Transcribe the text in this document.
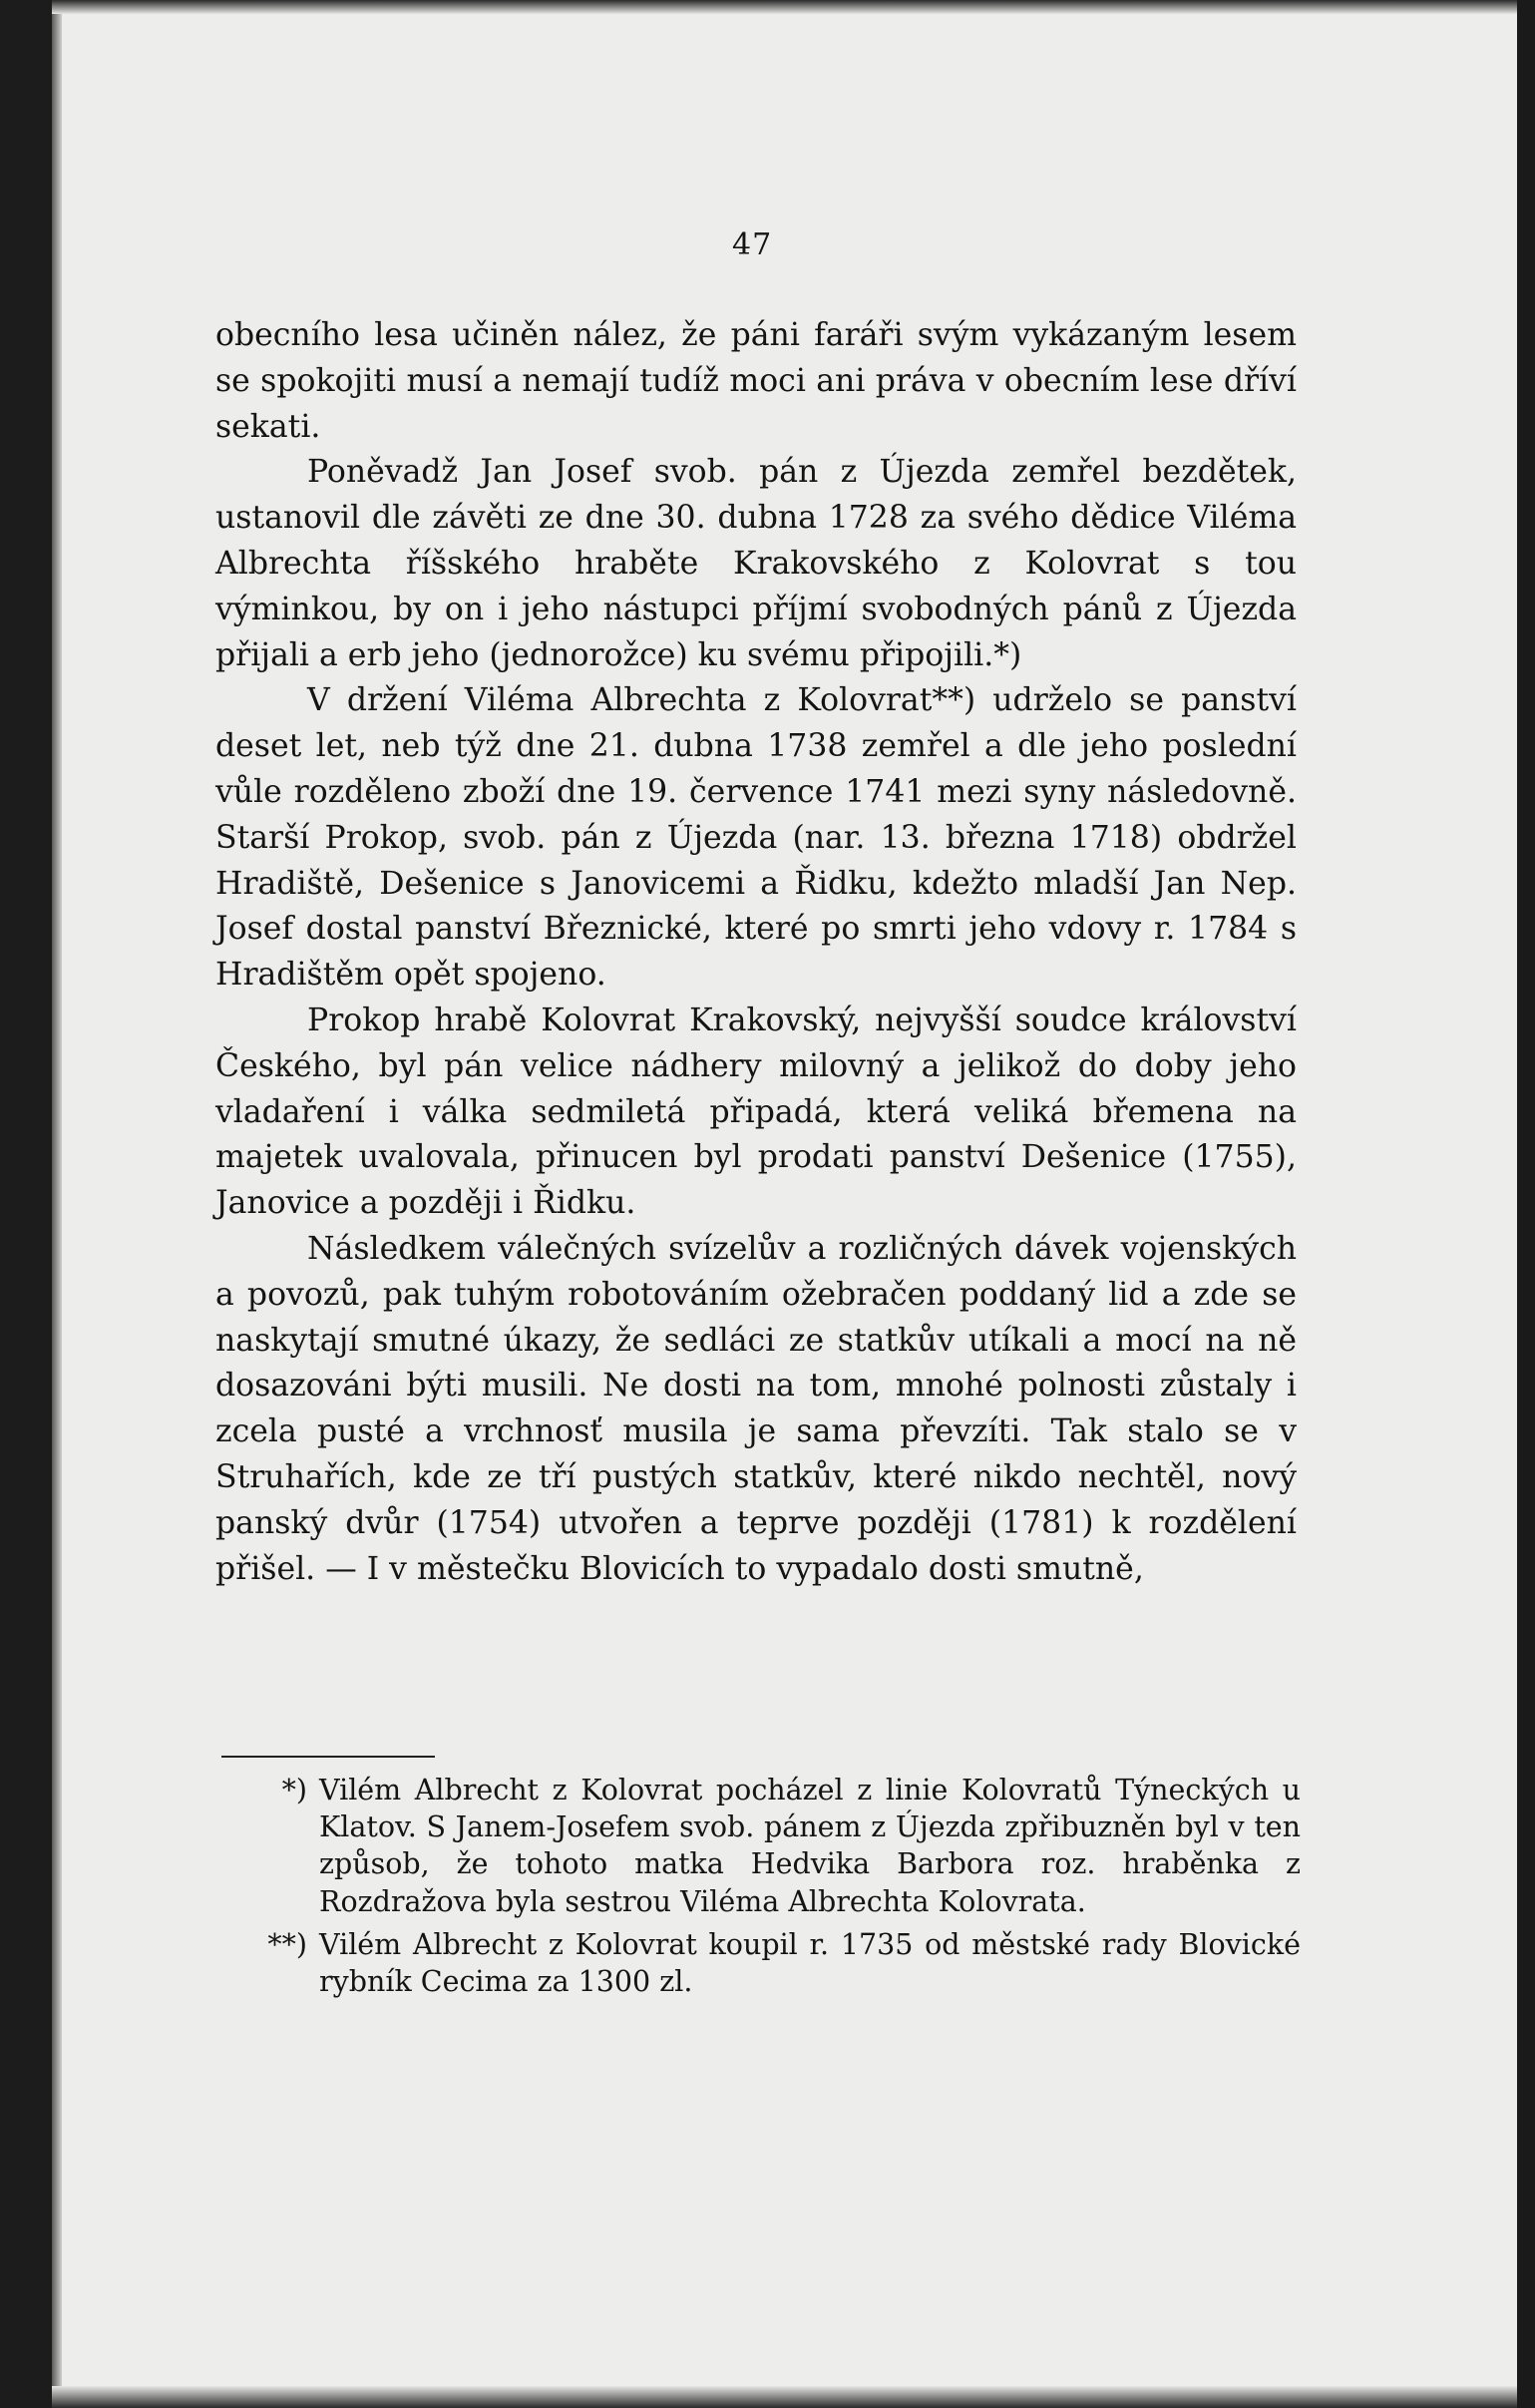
47

obecního lesa učiněn nález, že páni faráři svým vykázaným lesem se spokojiti musí a nemají tudíž moci ani práva v obecním lese dříví sekati.

Poněvadž Jan Josef svob. pán z Újezda zemřel bezdětek, ustanovil dle závěti ze dne 30. dubna 1728 za svého dědice Viléma Albrechta říšského hraběte Krakovského z Kolovrat s tou výminkou, by on i jeho nástupci příjmí svobodných pánů z Újezda přijali a erb jeho (jednorožce) ku svému připojili.*)

V držení Viléma Albrechta z Kolovrat**) udrželo se panství deset let, neb týž dne 21. dubna 1738 zemřel a dle jeho poslední vůle rozděleno zboží dne 19. července 1741 mezi syny následovně. Starší Prokop, svob. pán z Újezda (nar. 13. března 1718) obdržel Hradiště, Dešenice s Janovicemi a Řidku, kdežto mladší Jan Nep. Josef dostal panství Březnické, které po smrti jeho vdovy r. 1784 s Hradištěm opět spojeno.

Prokop hrabě Kolovrat Krakovský, nejvyšší soudce království Českého, byl pán velice nádhery milovný a jelikož do doby jeho vladaření i válka sedmiletá připadá, která veliká břemena na majetek uvalovala, přinucen byl prodati panství Dešenice (1755), Janovice a později i Řidku.

Následkem válečných svízelův a rozličných dávek vojenských a povozů, pak tuhým robotováním ožebračen poddaný lid a zde se naskytají smutné úkazy, že sedláci ze statkův utíkali a mocí na ně dosazováni býti musili. Ne dosti na tom, mnohé polnosti zůstaly i zcela pusté a vrchnosť musila je sama převzíti. Tak stalo se v Struhařích, kde ze tří pustých statkův, které nikdo nechtěl, nový panský dvůr (1754) utvořen a teprve později (1781) k rozdělení přišel. — I v městečku Blovicích to vypadalo dosti smutně,

*) Vilém Albrecht z Kolovrat pocházel z linie Kolovratů Týneckých u Klatov. S Janem-Josefem svob. pánem z Újezda zpřibuzněn byl v ten způsob, že tohoto matka Hedvika Barbora roz. hraběnka z Rozdražova byla sestrou Viléma Albrechta Kolovrata.
**) Vilém Albrecht z Kolovrat koupil r. 1735 od městské rady Blovické rybník Cecima za 1300 zl.
